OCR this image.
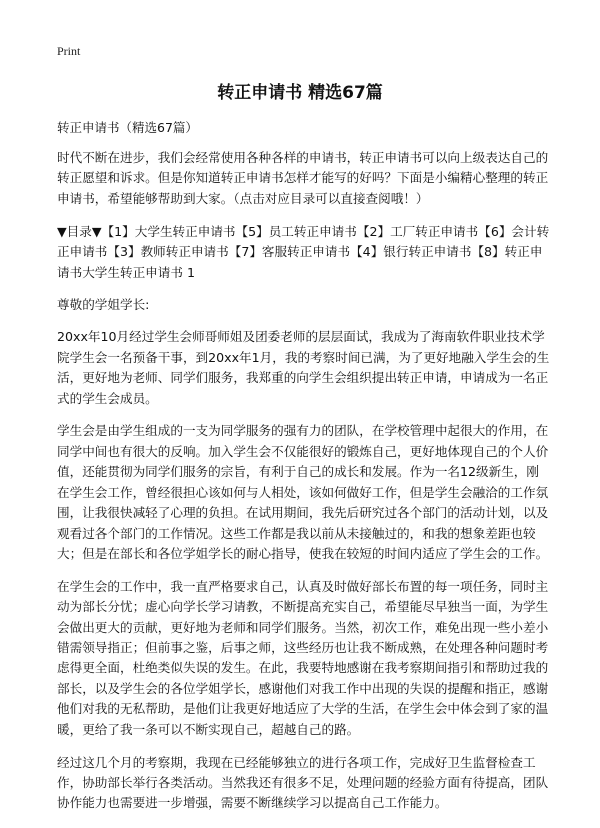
Print
转正申请书 精选67篇
转正申请书（精选67篇）

时代不断在进步，我们会经常使用各种各样的申请书，转正申请书可以向上级表达自己的转正愿望和诉求。但是你知道转正申请书怎样才能写的好吗？下面是小编精心整理的转正申请书，希望能够帮助到大家。（点击对应目录可以直接查阅哦！）

▼目录▼【1】大学生转正申请书【5】员工转正申请书【2】工厂转正申请书【6】会计转正申请书【3】教师转正申请书【7】客服转正申请书【4】银行转正申请书【8】转正申请书大学生转正申请书 1

尊敬的学姐学长:

20xx年10月经过学生会师哥师姐及团委老师的层层面试，我成为了海南软件职业技术学院学生会一名预备干事，到20xx年1月，我的考察时间已满，为了更好地融入学生会的生活，更好地为老师、同学们服务，我郑重的向学生会组织提出转正申请，申请成为一名正式的学生会成员。

学生会是由学生组成的一支为同学服务的强有力的团队，在学校管理中起很大的作用，在同学中间也有很大的反响。加入学生会不仅能很好的锻炼自己，更好地体现自己的个人价值，还能贯彻为同学们服务的宗旨，有利于自己的成长和发展。作为一名12级新生，刚在学生会工作，曾经很担心该如何与人相处，该如何做好工作，但是学生会融洽的工作氛围，让我很快减轻了心理的负担。在试用期间，我先后研究过各个部门的活动计划，以及观看过各个部门的工作情况。这些工作都是我以前从未接触过的，和我的想象差距也较大；但是在部长和各位学姐学长的耐心指导，使我在较短的时间内适应了学生会的工作。

在学生会的工作中，我一直严格要求自己，认真及时做好部长布置的每一项任务，同时主动为部长分忧；虚心向学长学习请教，不断提高充实自己，希望能尽早独当一面，为学生会做出更大的贡献，更好地为老师和同学们服务。当然，初次工作，难免出现一些小差小错需领导指正；但前事之鉴，后事之师，这些经历也让我不断成熟，在处理各种问题时考虑得更全面，杜绝类似失误的发生。在此，我要特地感谢在我考察期间指引和帮助过我的部长，以及学生会的各位学姐学长，感谢他们对我工作中出现的失误的提醒和指正，感谢他们对我的无私帮助，是他们让我更好地适应了大学的生活，在学生会中体会到了家的温暖，更给了我一条可以不断实现自己，超越自己的路。

经过这几个月的考察期，我现在已经能够独立的进行各项工作，完成好卫生监督检查工作，协助部长举行各类活动。当然我还有很多不足，处理问题的经验方面有待提高，团队协作能力也需要进一步增强，需要不断继续学习以提高自己工作能力。
